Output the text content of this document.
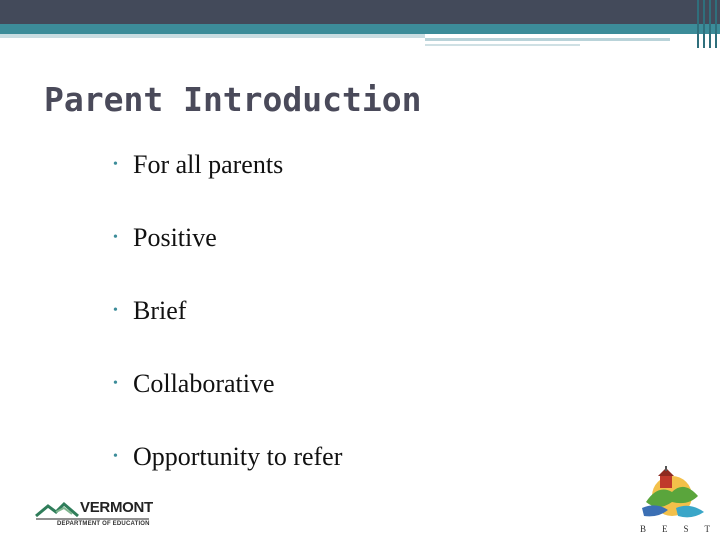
Parent Introduction
• For all parents
• Positive
• Brief
• Collaborative
• Opportunity to refer
VERMONT
DEPARTMENT OF EDUCATION	B E S T
